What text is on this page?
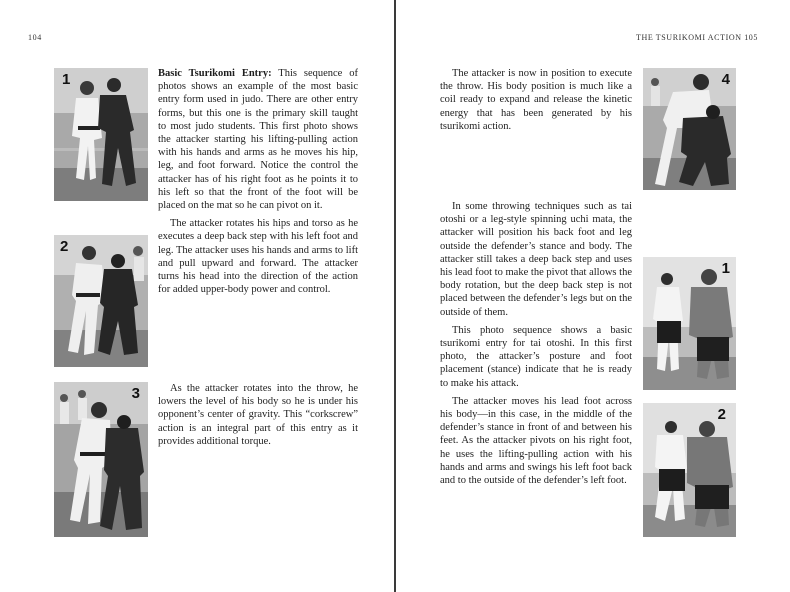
104
1
2
3

Basic Tsurikomi Entry: This sequence of photos shows an example of the most basic entry form used in judo. There are other entry forms, but this one is the primary skill taught to most judo students. This first photo shows the attacker starting his lifting-pulling action with his hands and arms as he moves his hip, leg, and foot forward. Notice the control the attacker has of his right foot as he points it to his left so that the front of the foot will be placed on the mat so he can pivot on it.

The attacker rotates his hips and torso as he executes a deep back step with his left foot and leg. The attacker uses his hands and arms to lift and pull upward and forward. The attacker turns his head into the direction of the action for added upper-body power and control.

As the attacker rotates into the throw, he lowers the level of his body so he is under his opponent’s center of gravity. This “corkscrew” action is an integral part of this entry as it provides additional torque.

THE TSURIKOMI ACTION 105
4
1
2

The attacker is now in position to execute the throw. His body position is much like a coil ready to expand and release the kinetic energy that has been generated by his tsurikomi action.

In some throwing techniques such as tai otoshi or a leg-style spinning uchi mata, the attacker will position his back foot and leg outside the defender’s stance and body. The attacker still takes a deep back step and uses his lead foot to make the pivot that allows the body rotation, but the deep back step is not placed between the defender’s legs but on the outside of them.

This photo sequence shows a basic tsurikomi entry for tai otoshi. In this first photo, the attacker’s posture and foot placement (stance) indicate that he is ready to make his attack.

The attacker moves his lead foot across his body—in this case, in the middle of the defender’s stance in front of and between his feet. As the attacker pivots on his right foot, he uses the lifting-pulling action with his hands and arms and swings his left foot back and to the outside of the defender’s left foot.
